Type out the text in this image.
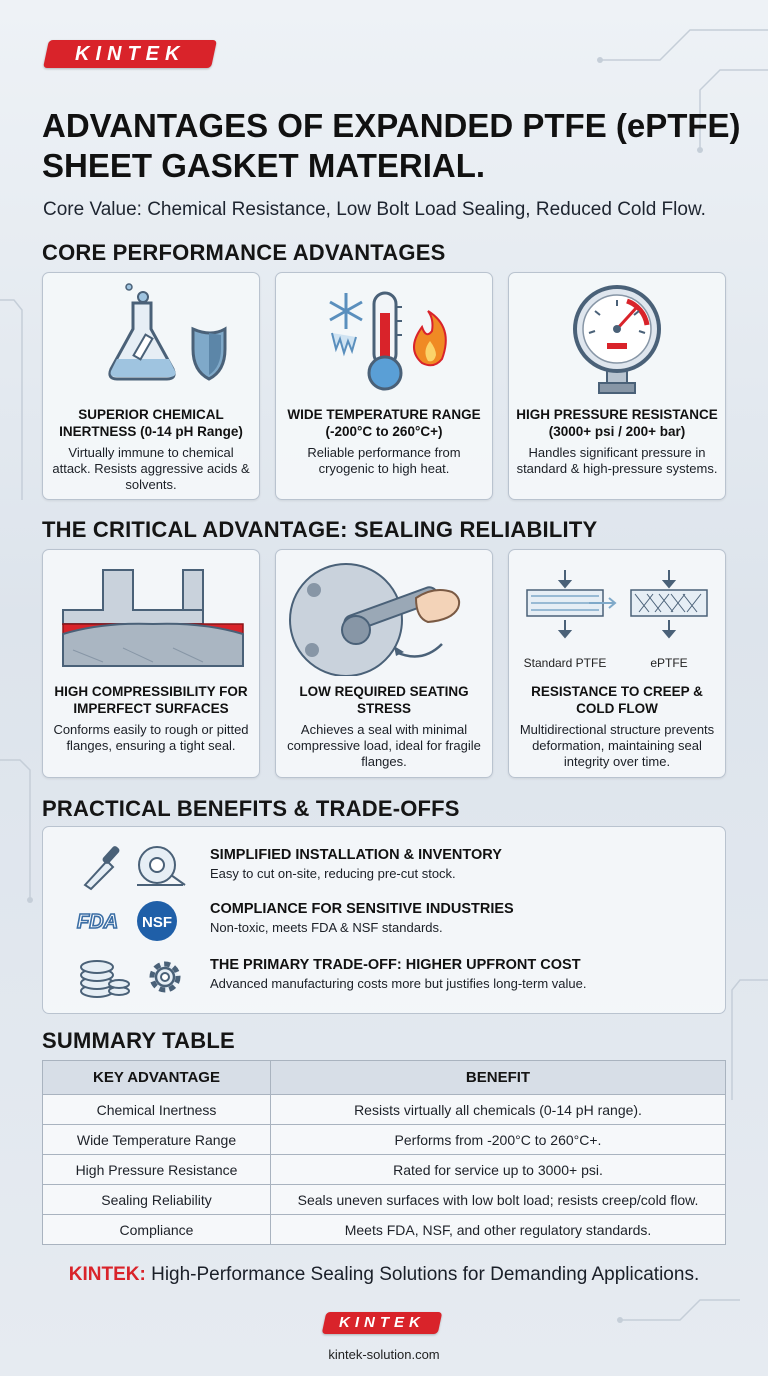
KINTEK
ADVANTAGES OF EXPANDED PTFE (ePTFE) SHEET GASKET MATERIAL.
Core Value: Chemical Resistance, Low Bolt Load Sealing, Reduced Cold Flow.
CORE PERFORMANCE ADVANTAGES
SUPERIOR CHEMICAL INERTNESS (0-14 pH Range)
Virtually immune to chemical attack. Resists aggressive acids & solvents.
WIDE TEMPERATURE RANGE (-200°C to 260°C+)
Reliable performance from cryogenic to high heat.
HIGH PRESSURE RESISTANCE (3000+ psi / 200+ bar)
Handles significant pressure in standard & high-pressure systems.
THE CRITICAL ADVANTAGE: SEALING RELIABILITY
HIGH COMPRESSIBILITY FOR IMPERFECT SURFACES
Conforms easily to rough or pitted flanges, ensuring a tight seal.
LOW REQUIRED SEATING STRESS
Achieves a seal with minimal compressive load, ideal for fragile flanges.
Standard PTFE	ePTFE
RESISTANCE TO CREEP & COLD FLOW
Multidirectional structure prevents deformation, maintaining seal integrity over time.
PRACTICAL BENEFITS & TRADE-OFFS
SIMPLIFIED INSTALLATION & INVENTORY
Easy to cut on-site, reducing pre-cut stock.
FDA NSF
COMPLIANCE FOR SENSITIVE INDUSTRIES
Non-toxic, meets FDA & NSF standards.
THE PRIMARY TRADE-OFF: HIGHER UPFRONT COST
Advanced manufacturing costs more but justifies long-term value.
SUMMARY TABLE
KEY ADVANTAGE	BENEFIT
Chemical Inertness	Resists virtually all chemicals (0-14 pH range).
Wide Temperature Range	Performs from -200°C to 260°C+.
High Pressure Resistance	Rated for service up to 3000+ psi.
Sealing Reliability	Seals uneven surfaces with low bolt load; resists creep/cold flow.
Compliance	Meets FDA, NSF, and other regulatory standards.
KINTEK: High-Performance Sealing Solutions for Demanding Applications.
KINTEK
kintek-solution.com
